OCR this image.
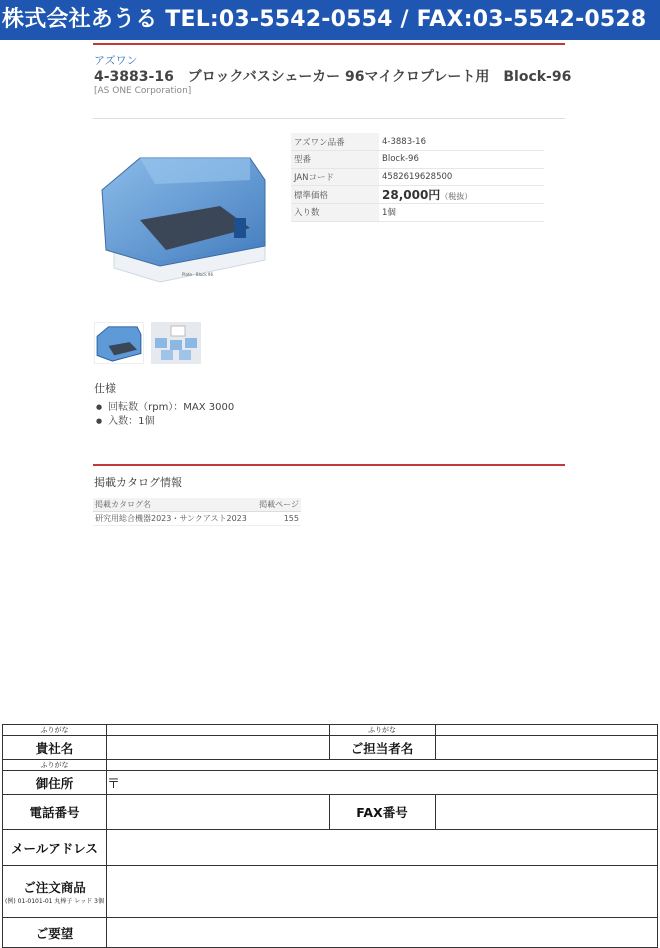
株式会社あうる TEL:03-5542-0554 / FAX:03-5542-0528
アズワン
4-3883-16　ブロックバスシェーカー 96マイクロプレート用　Block-96
[AS ONE Corporation]
Plate · Block 96
アズワン品番	4-3883-16
型番	Block-96
JANコード	4582619628500
標準価格	28,000円（税抜）
入り数	1個
仕様
● 回転数（rpm）：MAX 3000
● 入数：1個
掲載カタログ情報
掲載カタログ名	掲載ページ
研究用総合機器2023・サンクアスト2023	155
ふりがな		ふりがな	
貴社名		ご担当者名	
ふりがな			
御住所	〒		
電話番号		FAX番号	
メールアドレス			

ご注文商品
(例) 01-0101-01 丸棒子 レッド 3個			

ご要望			
